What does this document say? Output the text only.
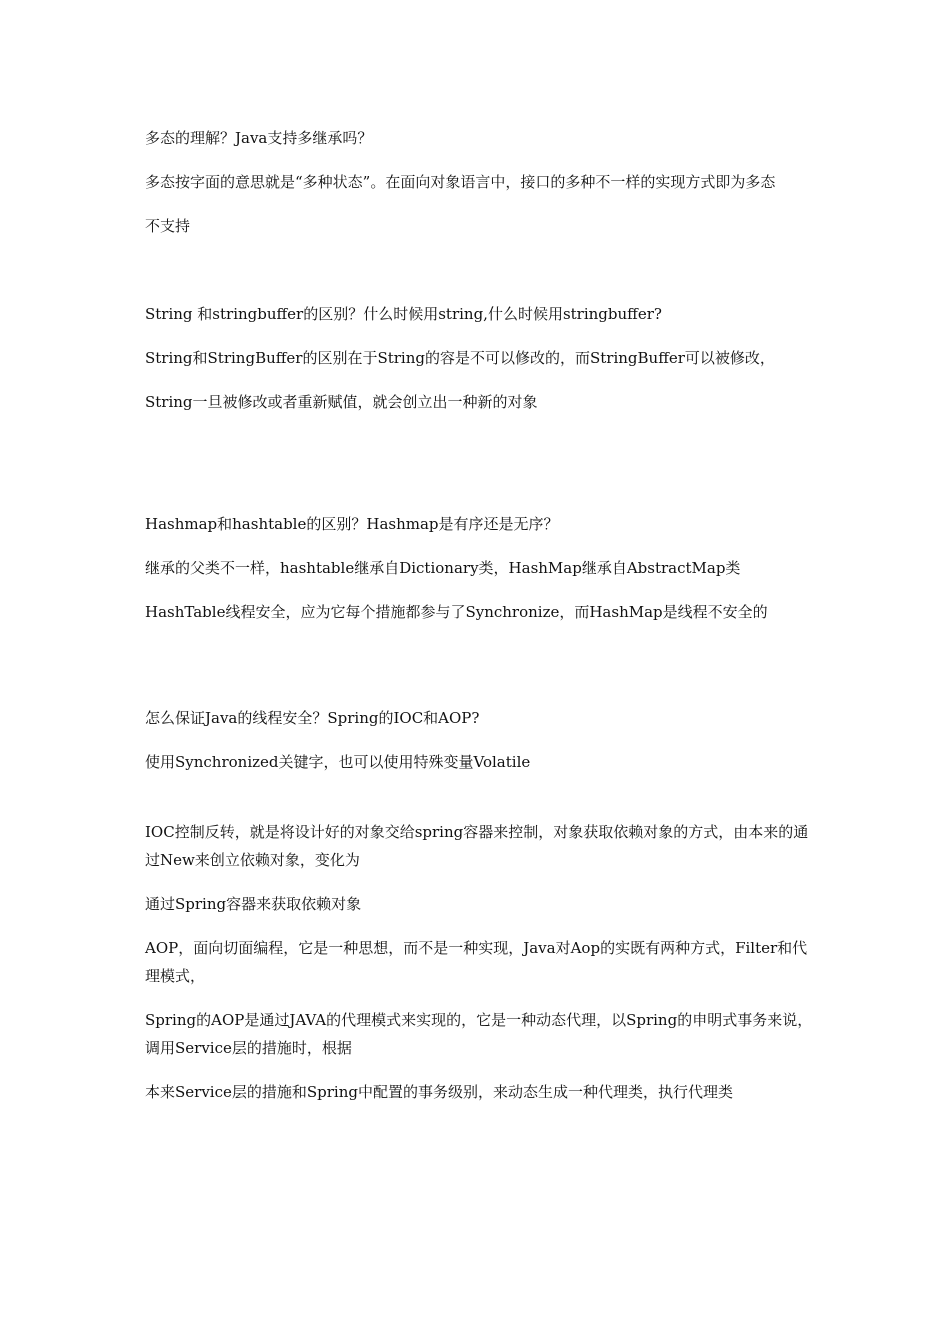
多态的理解？Java支持多继承吗？

多态按字面的意思就是“多种状态”。在面向对象语言中，接口的多种不一样的实现方式即为多态

不支持

String 和stringbuffer的区别？什么时候用string,什么时候用stringbuffer?

String和StringBuffer的区别在于String的容是不可以修改的，而StringBuffer可以被修改，

String一旦被修改或者重新赋值，就会创立出一种新的对象

Hashmap和hashtable的区别？Hashmap是有序还是无序？

继承的父类不一样，hashtable继承自Dictionary类，HashMap继承自AbstractMap类

HashTable线程安全，应为它每个措施都参与了Synchronize，而HashMap是线程不安全的

怎么保证Java的线程安全？Spring的IOC和AOP?

使用Synchronized关键字，也可以使用特殊变量Volatile

IOC控制反转，就是将设计好的对象交给spring容器来控制，对象获取依赖对象的方式，由本来的通过New来创立依赖对象，变化为

通过Spring容器来获取依赖对象

AOP，面向切面编程，它是一种思想，而不是一种实现，Java对Aop的实既有两种方式，Filter和代理模式，

Spring的AOP是通过JAVA的代理模式来实现的，它是一种动态代理，以Spring的申明式事务来说，调用Service层的措施时，根据

本来Service层的措施和Spring中配置的事务级别，来动态生成一种代理类，执行代理类
